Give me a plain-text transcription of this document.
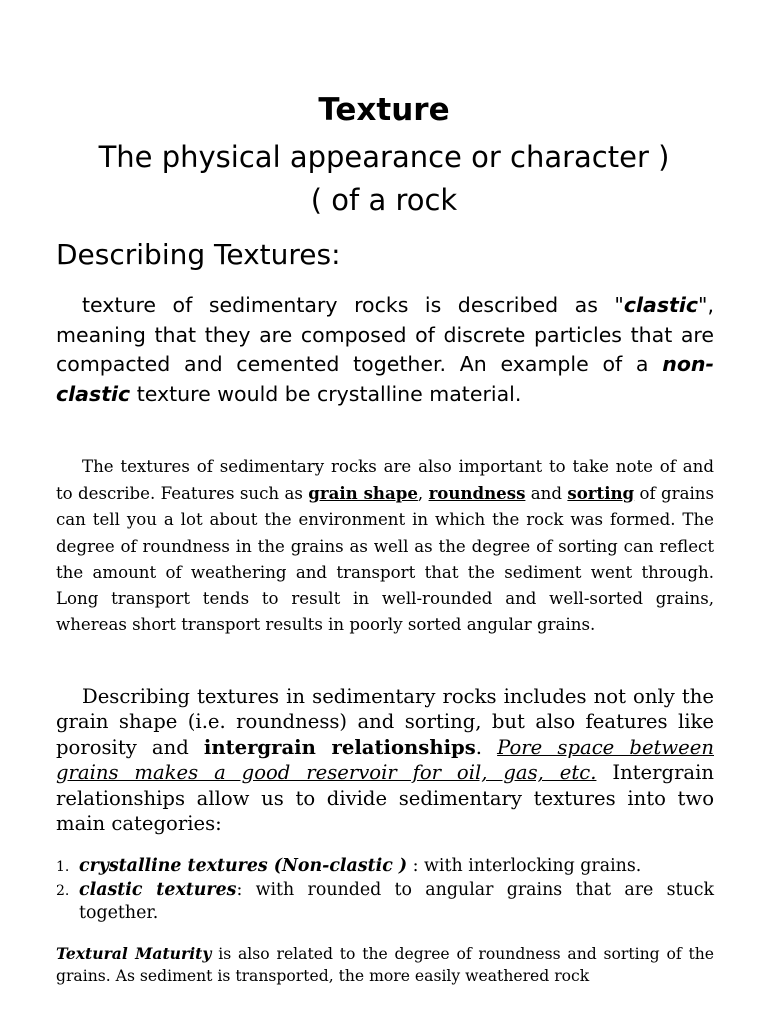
Texture
The physical appearance or character )
( of a rock
Describing Textures:
texture of sedimentary rocks is described as "clastic", meaning that they are composed of discrete particles that are compacted and cemented together. An example of a non-clastic texture would be crystalline material.
The textures of sedimentary rocks are also important to take note of and to describe. Features such as grain shape, roundness and sorting of grains can tell you a lot about the environment in which the rock was formed. The degree of roundness in the grains as well as the degree of sorting can reflect the amount of weathering and transport that the sediment went through. Long transport tends to result in well-rounded and well-sorted grains, whereas short transport results in poorly sorted angular grains.
Describing textures in sedimentary rocks includes not only the grain shape (i.e. roundness) and sorting, but also features like porosity and intergrain relationships. Pore space between grains makes a good reservoir for oil, gas, etc. Intergrain relationships allow us to divide sedimentary textures into two main categories:
1. crystalline textures (Non-clastic ) : with interlocking grains.
2. clastic textures: with rounded to angular grains that are stuck together.
Textural Maturity is also related to the degree of roundness and sorting of the grains. As sediment is transported, the more easily weathered rock
